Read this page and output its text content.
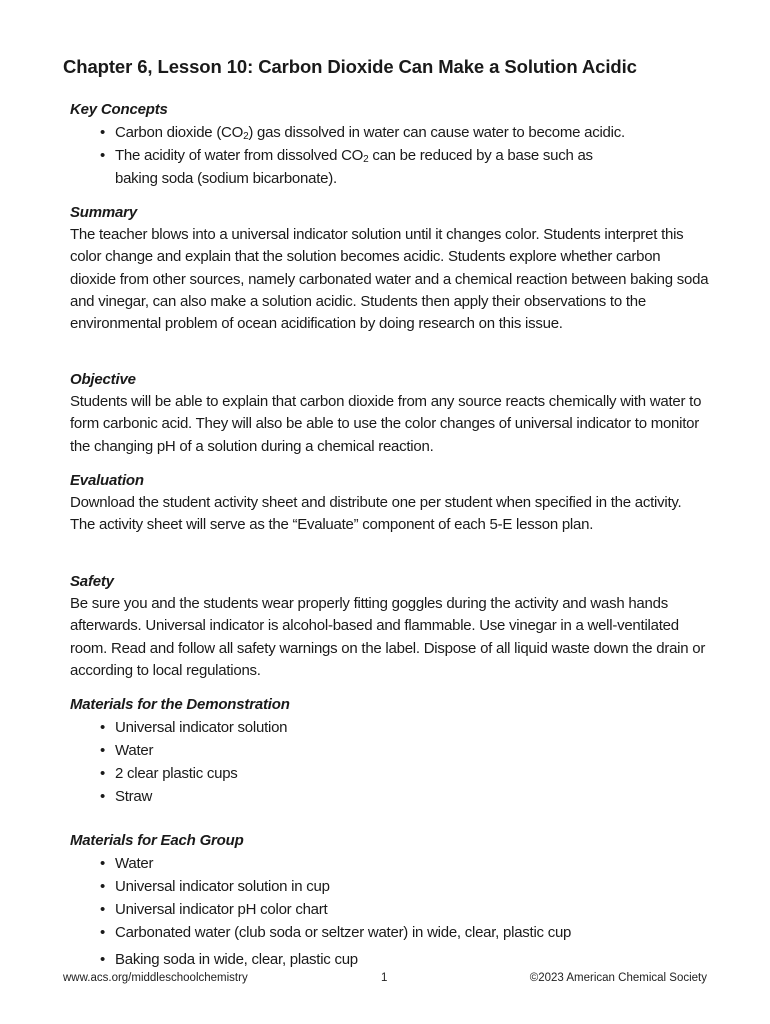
Chapter 6, Lesson 10: Carbon Dioxide Can Make a Solution Acidic
Key Concepts
• Carbon dioxide $(CO_2)$ gas dissolved in water can cause water to become acidic.
• The acidity of water from dissolved $CO_2$ can be reduced by a base such as
baking soda (sodium bicarbonate).
Summary

The teacher blows into a universal indicator solution until it changes color. Students interpret this color change and explain that the solution becomes acidic. Students explore whether carbon dioxide from other sources, namely carbonated water and a chemical reaction between baking soda and vinegar, can also make a solution acidic. Students then apply their observations to the environmental problem of ocean acidification by doing research on this issue.

Objective

Students will be able to explain that carbon dioxide from any source reacts chemically with water to form carbonic acid. They will also be able to use the color changes of universal indicator to monitor the changing pH of a solution during a chemical reaction.

Evaluation

Download the student activity sheet and distribute one per student when specified in the activity. The activity sheet will serve as the “Evaluate” component of each 5-E lesson plan.

Safety

Be sure you and the students wear properly fitting goggles during the activity and wash hands afterwards. Universal indicator is alcohol-based and flammable. Use vinegar in a well-ventilated room. Read and follow all safety warnings on the label. Dispose of all liquid waste down the drain or according to local regulations.

Materials for the Demonstration
• Universal indicator solution
• Water
• 2 clear plastic cups
• Straw
Materials for Each Group
• Water
• Universal indicator solution in cup
• Universal indicator pH color chart
• Carbonated water (club soda or seltzer water) in wide, clear, plastic cup
• Baking soda in wide, clear, plastic cup
www.acs.org/middleschoolchemistry	1	©2023 American Chemical Society
